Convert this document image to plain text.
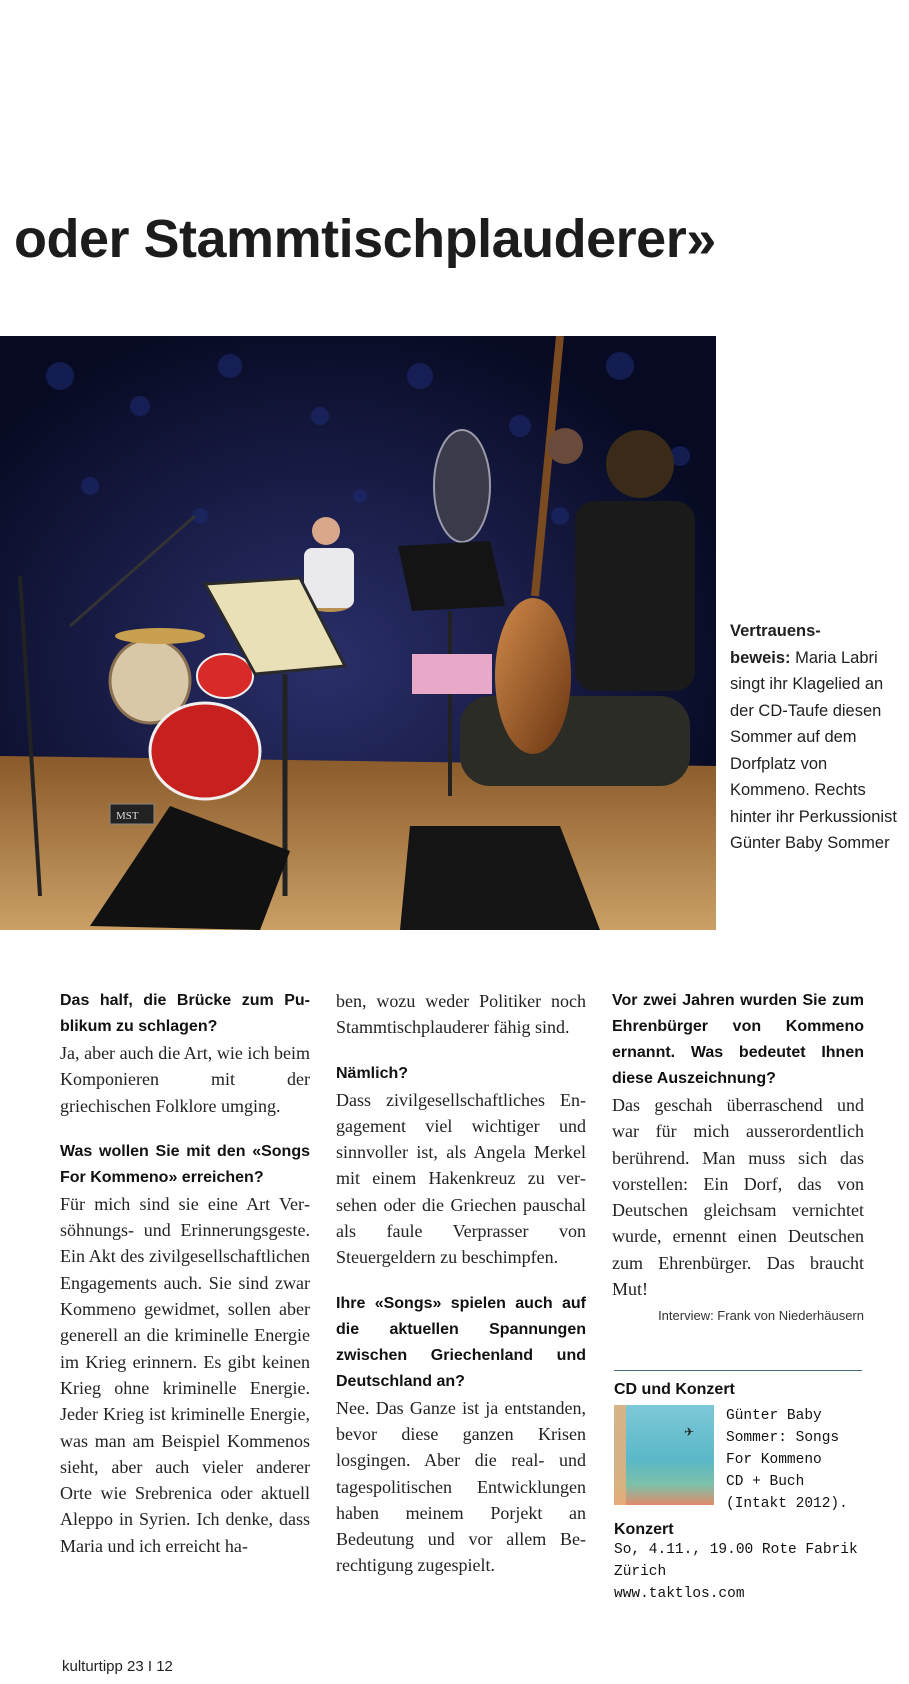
oder Stammtischplauderer»
MST
Vertrauens-
beweis: Maria Labri singt ihr Klagelied an der CD-Taufe diesen Sommer auf dem Dorfplatz von Kommeno. Rechts hinter ihr Perkussionist Günter Baby Sommer
Das half, die Brücke zum Publikum zu schlagen?
Ja, aber auch die Art, wie ich beim Komponieren mit der griechischen Folklore umging.
Was wollen Sie mit den «Songs For Kommeno» erreichen?
Für mich sind sie eine Art Versöhnungs- und Erinnerungsgeste. Ein Akt des zivilgesellschaftlichen Engagements auch. Sie sind zwar Kommeno gewidmet, sollen aber generell an die kriminelle Energie im Krieg erinnern. Es gibt keinen Krieg ohne kriminelle Energie. Jeder Krieg ist kriminelle Energie, was man am Beispiel Kommenos sieht, aber auch vieler anderer Orte wie Srebrenica oder aktuell Aleppo in Syrien. Ich denke, dass Maria und ich erreicht ha-
ben, wozu weder Politiker noch Stammtischplauderer fähig sind.
Nämlich?
Dass zivilgesellschaftliches Engagement viel wichtiger und sinnvoller ist, als Angela Merkel mit einem Hakenkreuz zu versehen oder die Griechen pauschal als faule Verprasser von Steuergeldern zu beschimpfen.
Ihre «Songs» spielen auch auf die aktuellen Spannungen zwischen Griechenland und Deutschland an?
Nee. Das Ganze ist ja entstanden, bevor diese ganzen Krisen losgingen. Aber die real- und tagespolitischen Entwicklungen haben meinem Porjekt an Bedeutung und vor allem Berechtigung zugespielt.
Vor zwei Jahren wurden Sie zum Ehrenbürger von Kommeno ernannt. Was bedeutet Ihnen diese Auszeichnung?
Das geschah überraschend und war für mich ausserordentlich berührend. Man muss sich das vorstellen: Ein Dorf, das von Deutschen gleichsam vernichtet wurde, ernennt einen Deutschen zum Ehrenbürger. Das braucht Mut!
Interview: Frank von Niederhäusern
CD und Konzert
✈
Günter Baby
Sommer: Songs
For Kommeno
CD + Buch
(Intakt 2012).
Konzert
So, 4.11., 19.00 Rote Fabrik Zürich
www.taktlos.com
kulturtipp 23 I 12
